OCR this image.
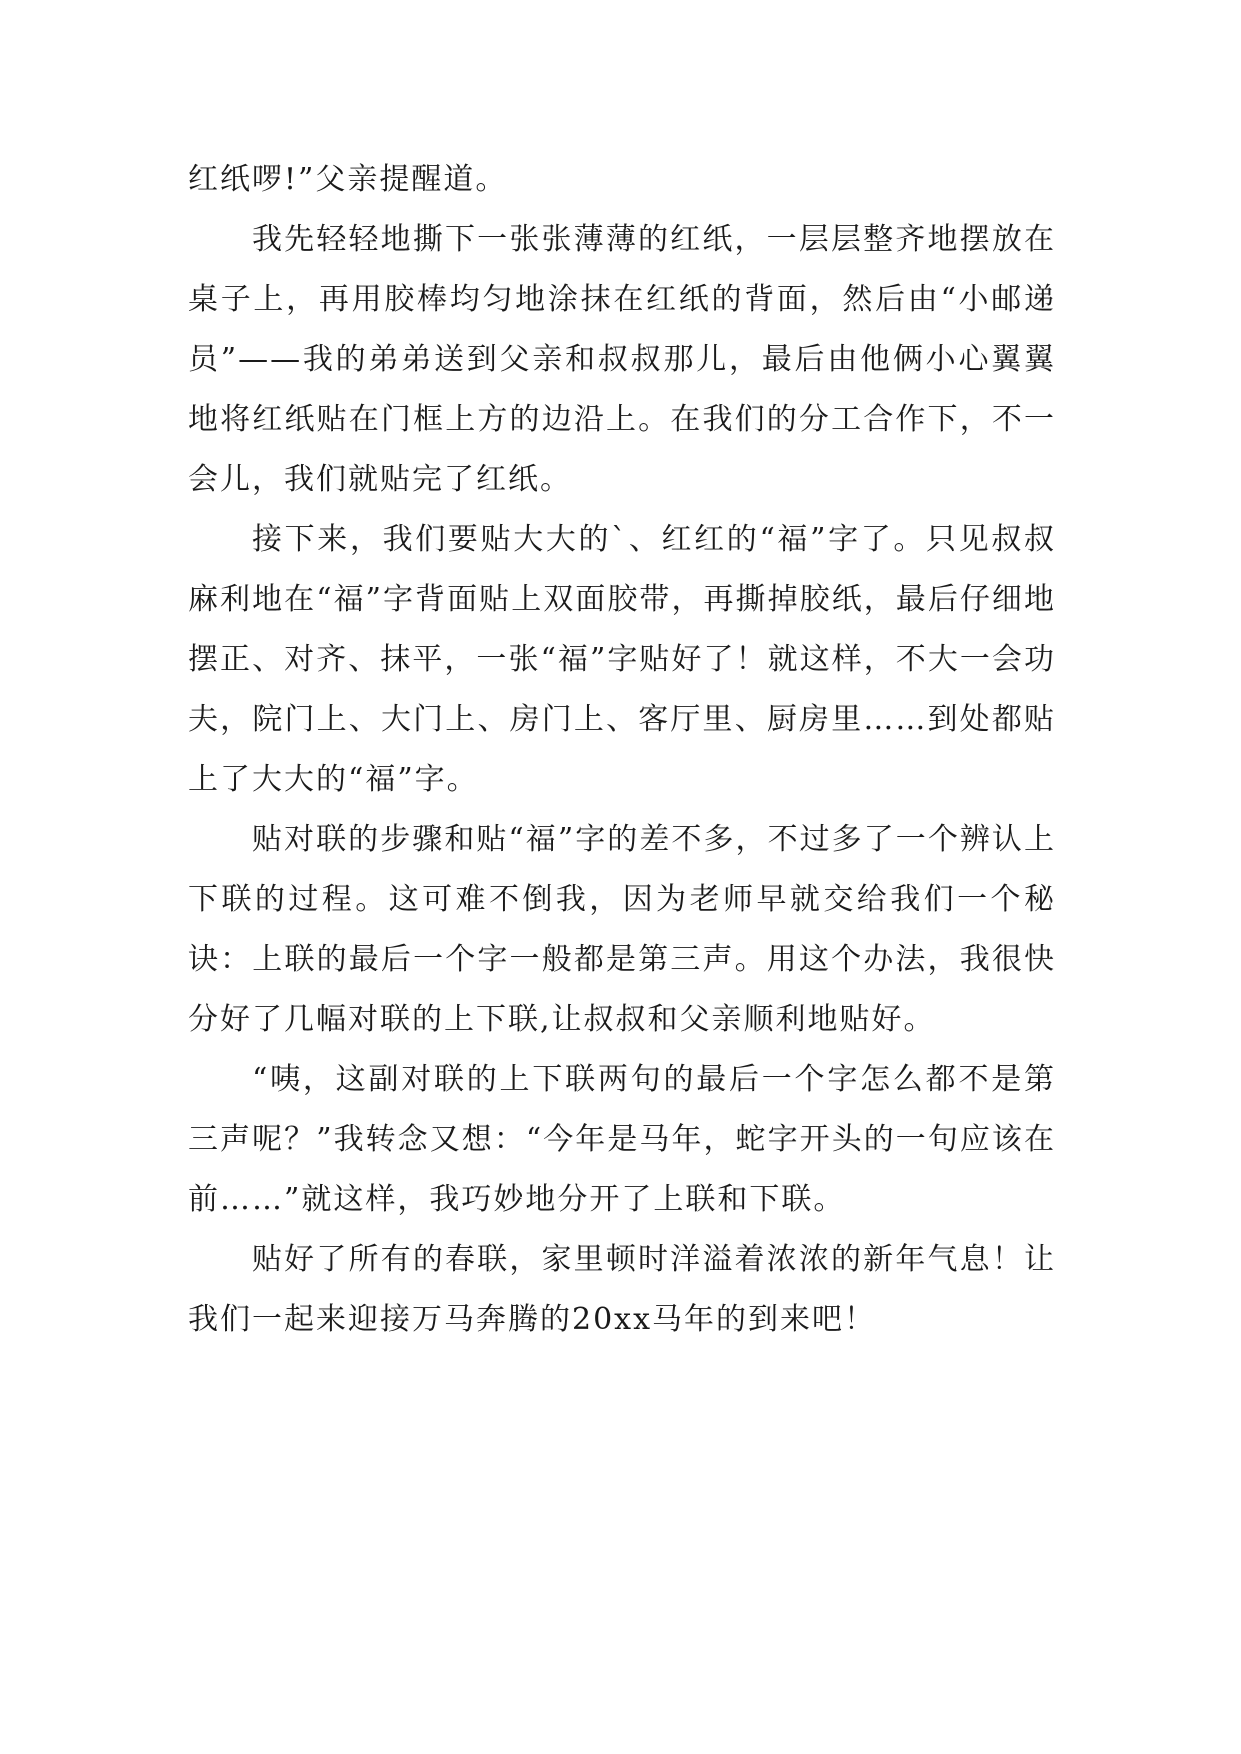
红纸啰!”父亲提醒道。

我先轻轻地撕下一张张薄薄的红纸，一层层整齐地摆放在桌子上，再用胶棒均匀地涂抹在红纸的背面，然后由“小邮递员”——我的弟弟送到父亲和叔叔那儿，最后由他俩小心翼翼地将红纸贴在门框上方的边沿上。在我们的分工合作下，不一会儿，我们就贴完了红纸。

接下来，我们要贴大大的`、红红的“福”字了。只见叔叔麻利地在“福”字背面贴上双面胶带，再撕掉胶纸，最后仔细地摆正、对齐、抹平，一张“福”字贴好了！就这样，不大一会功夫，院门上、大门上、房门上、客厅里、厨房里……到处都贴上了大大的“福”字。

贴对联的步骤和贴“福”字的差不多，不过多了一个辨认上下联的过程。这可难不倒我，因为老师早就交给我们一个秘诀：上联的最后一个字一般都是第三声。用这个办法，我很快分好了几幅对联的上下联,让叔叔和父亲顺利地贴好。

“咦，这副对联的上下联两句的最后一个字怎么都不是第三声呢？”我转念又想：“今年是马年，蛇字开头的一句应该在前……”就这样，我巧妙地分开了上联和下联。

贴好了所有的春联，家里顿时洋溢着浓浓的新年气息！让我们一起来迎接万马奔腾的20xx马年的到来吧！
